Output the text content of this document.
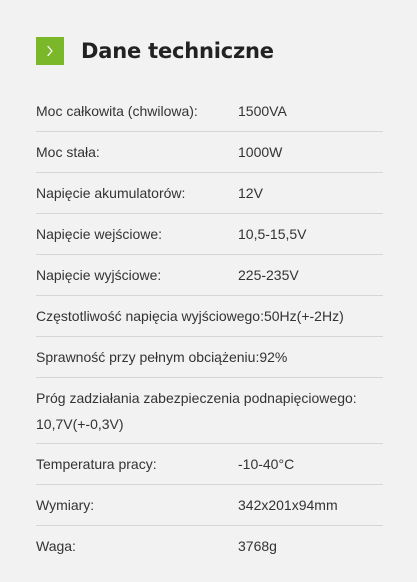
Dane techniczne
Moc całkowita (chwilowa):	1500VA
Moc stała:	1000W
Napięcie akumulatorów:	12V
Napięcie wejściowe:	10,5-15,5V
Napięcie wyjściowe:	225-235V
Częstotliwość napięcia wyjściowego:50Hz(+-2Hz)
Sprawność przy pełnym obciążeniu:92%
Próg zadziałania zabezpieczenia podnapięciowego: 10,7V(+-0,3V)
Temperatura pracy:	-10-40°C
Wymiary:	342x201x94mm
Waga:	3768g
